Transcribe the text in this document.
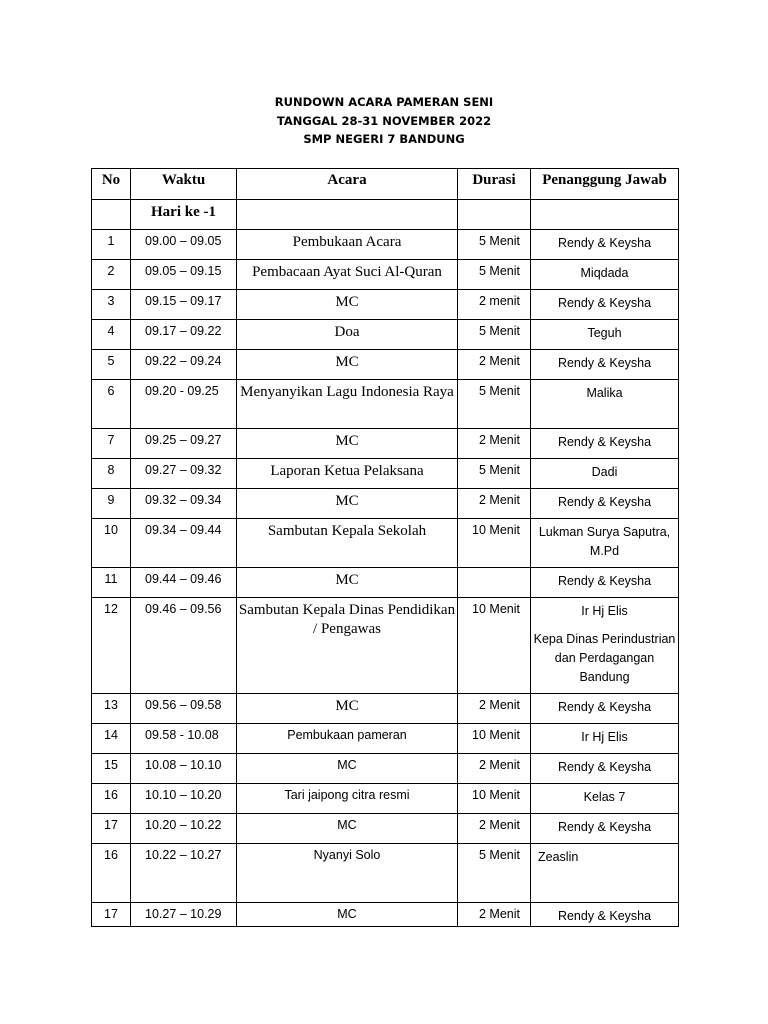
RUNDOWN ACARA PAMERAN SENI
TANGGAL 28-31 NOVEMBER 2022
SMP NEGERI 7 BANDUNG
No	Waktu	Acara	Durasi	Penanggung Jawab
	Hari ke -1			
1	09.00 – 09.05	Pembukaan Acara	5 Menit	Rendy & Keysha

2	09.05 – 09.15	Pembacaan Ayat Suci Al-Quran	5 Menit	Miqdada

3	09.15 – 09.17	MC	2 menit	Rendy & Keysha

4	09.17 – 09.22	Doa	5 Menit	Teguh

5	09.22 – 09.24	MC	2 Menit	Rendy & Keysha

6	09.20 - 09.25	Menyanyikan Lagu Indonesia Raya	5 Menit	Malika

7	09.25 – 09.27	MC	2 Menit	Rendy & Keysha

8	09.27 – 09.32	Laporan Ketua Pelaksana	5 Menit	Dadi

9	09.32 – 09.34	MC	2 Menit	Rendy & Keysha

10	09.34 – 09.44	Sambutan Kepala Sekolah	10 Menit	Lukman Surya Saputra, M.Pd

11	09.44 – 09.46	MC		Rendy & Keysha

12	09.46 – 09.56	Sambutan Kepala Dinas Pendidikan / Pengawas	10 Menit	Ir Hj Elis
Kepa Dinas Perindustrian dan Perdagangan Bandung

13	09.56 – 09.58	MC	2 Menit	Rendy & Keysha

14	09.58 - 10.08	Pembukaan pameran	10 Menit	Ir Hj Elis

15	10.08 – 10.10	MC	2 Menit	Rendy & Keysha

16	10.10 – 10.20	Tari jaipong citra resmi	10 Menit	Kelas 7

17	10.20 – 10.22	MC	2 Menit	Rendy & Keysha

16	10.22 – 10.27	Nyanyi Solo	5 Menit	Zeaslin

17	10.27 – 10.29	MC	2 Menit	Rendy & Keysha
